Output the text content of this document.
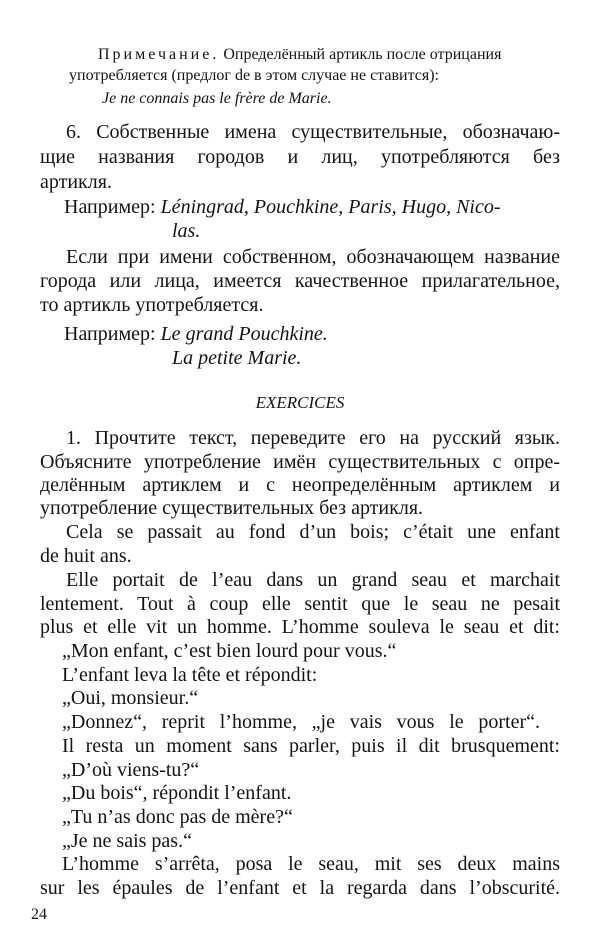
Примечание. Определённый артикль после отрицания
употребляется (предлог de в этом случае не ставится):
Je ne connais pas le frère de Marie.
6. Собственные имена существительные, обозначаю-
щие названия городов и лиц, употребляются без
артикля.
Например: Léningrad, Pouchkine, Paris, Hugo, Nico-
las.
Если при имени собственном, обозначающем название
города или лица, имеется качественное прилагательное,
то артикль употребляется.
Например: Le grand Pouchkine.
La petite Marie.
EXERCICES
1. Прочтите текст, переведите его на русский язык.
Объясните употребление имён существительных с опре-
делённым артиклем и с неопределённым артиклем и
употребление существительных без артикля.
Cela se passait au fond d’un bois; c’était une enfant
de huit ans.
Elle portait de l’eau dans un grand seau et marchait
lentement. Tout à coup elle sentit que le seau ne pesait
plus et elle vit un homme. L’homme souleva le seau et dit:
„Mon enfant, c’est bien lourd pour vous.“
L’enfant leva la tête et répondit:
„Oui, monsieur.“
„Donnez“, reprit l’homme, „je vais vous le porter“.
Il resta un moment sans parler, puis il dit brusquement:
„D’où viens-tu?“
„Du bois“, répondit l’enfant.
„Tu n’as donc pas de mère?“
„Je ne sais pas.“
L’homme s’arrêta, posa le seau, mit ses deux mains
sur les épaules de l’enfant et la regarda dans l’obscurité.
24
